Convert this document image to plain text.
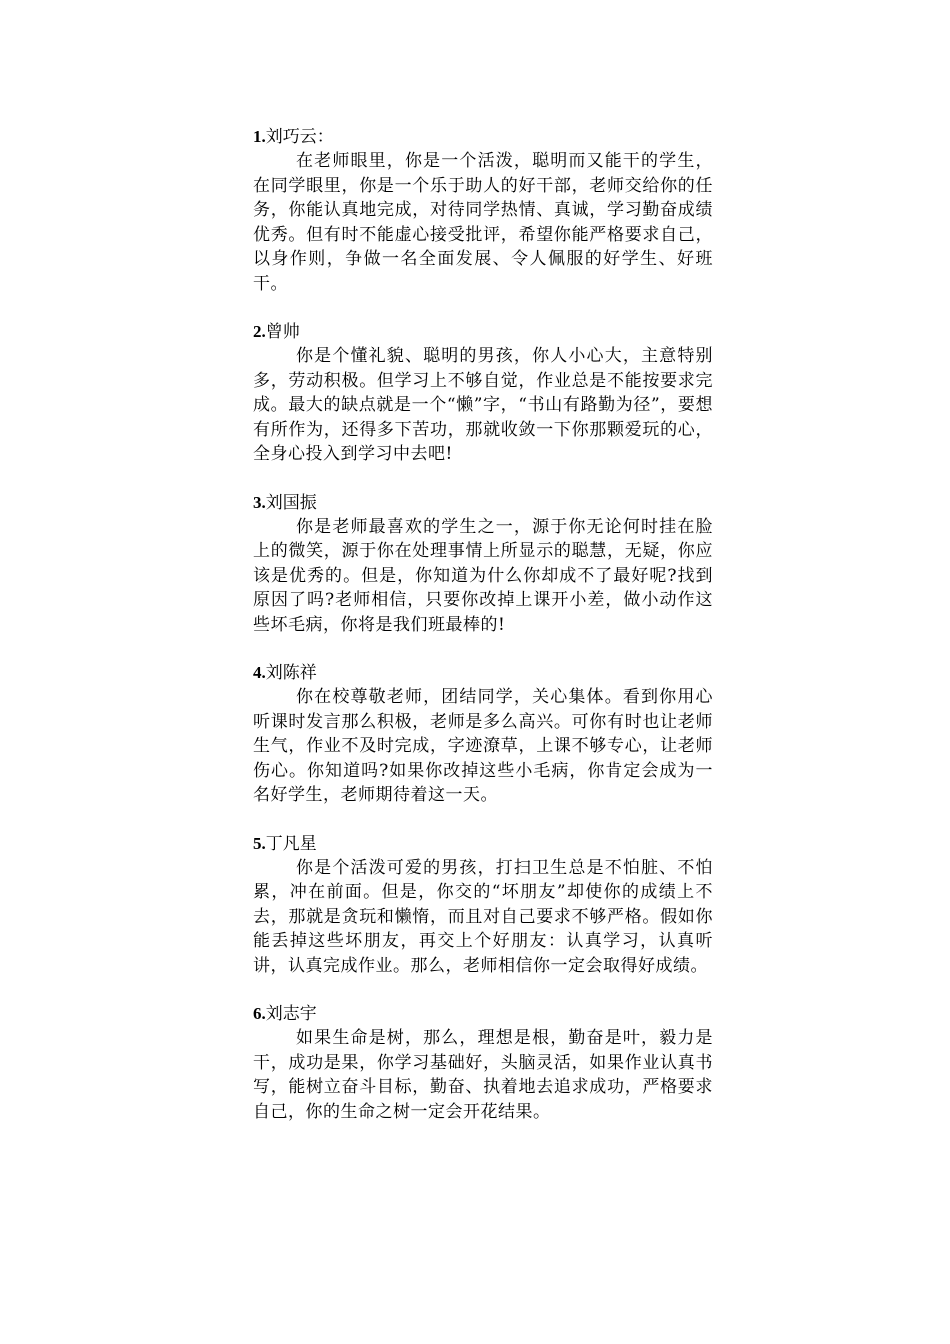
1.刘巧云：
在老师眼里，你是一个活泼，聪明而又能干的学生，在同学眼里，你是一个乐于助人的好干部，老师交给你的任务，你能认真地完成，对待同学热情、真诚，学习勤奋成绩优秀。但有时不能虚心接受批评，希望你能严格要求自己，以身作则，争做一名全面发展、令人佩服的好学生、好班干。
2.曾帅
你是个懂礼貌、聪明的男孩，你人小心大，主意特别多，劳动积极。但学习上不够自觉，作业总是不能按要求完成。最大的缺点就是一个“懒”字，“书山有路勤为径”，要想有所作为，还得多下苦功，那就收敛一下你那颗爱玩的心，全身心投入到学习中去吧!
3.刘国振
你是老师最喜欢的学生之一，源于你无论何时挂在脸上的微笑，源于你在处理事情上所显示的聪慧，无疑，你应该是优秀的。但是，你知道为什么你却成不了最好呢?找到原因了吗?老师相信，只要你改掉上课开小差，做小动作这些坏毛病，你将是我们班最棒的!
4.刘陈祥
你在校尊敬老师，团结同学，关心集体。看到你用心听课时发言那么积极，老师是多么高兴。可你有时也让老师生气，作业不及时完成，字迹潦草，上课不够专心，让老师伤心。你知道吗?如果你改掉这些小毛病，你肯定会成为一名好学生，老师期待着这一天。
5.丁凡星
你是个活泼可爱的男孩，打扫卫生总是不怕脏、不怕累，冲在前面。但是，你交的“坏朋友”却使你的成绩上不去，那就是贪玩和懒惰，而且对自己要求不够严格。假如你能丢掉这些坏朋友，再交上个好朋友：认真学习，认真听讲，认真完成作业。那么，老师相信你一定会取得好成绩。
6.刘志宇
如果生命是树，那么，理想是根，勤奋是叶，毅力是干，成功是果，你学习基础好，头脑灵活，如果作业认真书写，能树立奋斗目标，勤奋、执着地去追求成功，严格要求自己，你的生命之树一定会开花结果。
